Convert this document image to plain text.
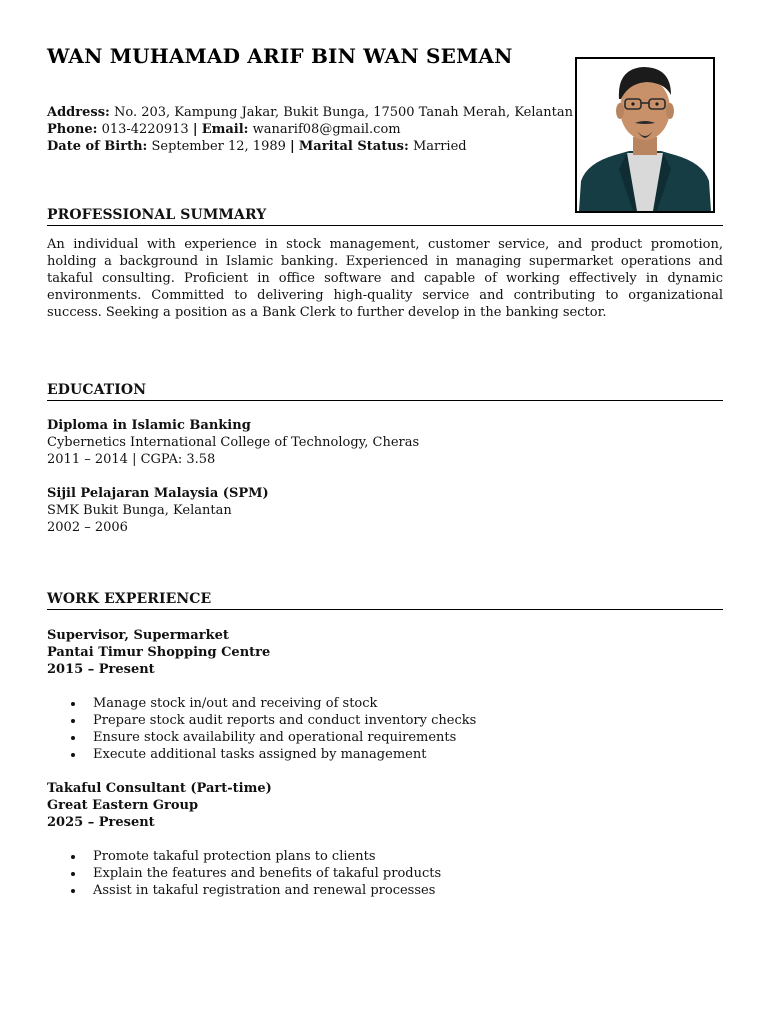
WAN MUHAMAD ARIF BIN WAN SEMAN
Address: No. 203, Kampung Jakar, Bukit Bunga, 17500 Tanah Merah, Kelantan
Phone: 013-4220913 | Email: wanarif08@gmail.com
Date of Birth: September 12, 1989 | Marital Status: Married
PROFESSIONAL SUMMARY

An individual with experience in stock management, customer service, and product promotion, holding a background in Islamic banking. Experienced in managing supermarket operations and takaful consulting. Proficient in office software and capable of working effectively in dynamic environments. Committed to delivering high-quality service and contributing to organizational success. Seeking a position as a Bank Clerk to further develop in the banking sector.

EDUCATION
Diploma in Islamic Banking
Cybernetics International College of Technology, Cheras
2011 – 2014 | CGPA: 3.58
Sijil Pelajaran Malaysia (SPM)
SMK Bukit Bunga, Kelantan
2002 – 2006
WORK EXPERIENCE
Supervisor, Supermarket
Pantai Timur Shopping Centre
2015 – Present
Manage stock in/out and receiving of stock
Prepare stock audit reports and conduct inventory checks
Ensure stock availability and operational requirements
Execute additional tasks assigned by management
Takaful Consultant (Part-time)
Great Eastern Group
2025 – Present
Promote takaful protection plans to clients
Explain the features and benefits of takaful products
Assist in takaful registration and renewal processes
